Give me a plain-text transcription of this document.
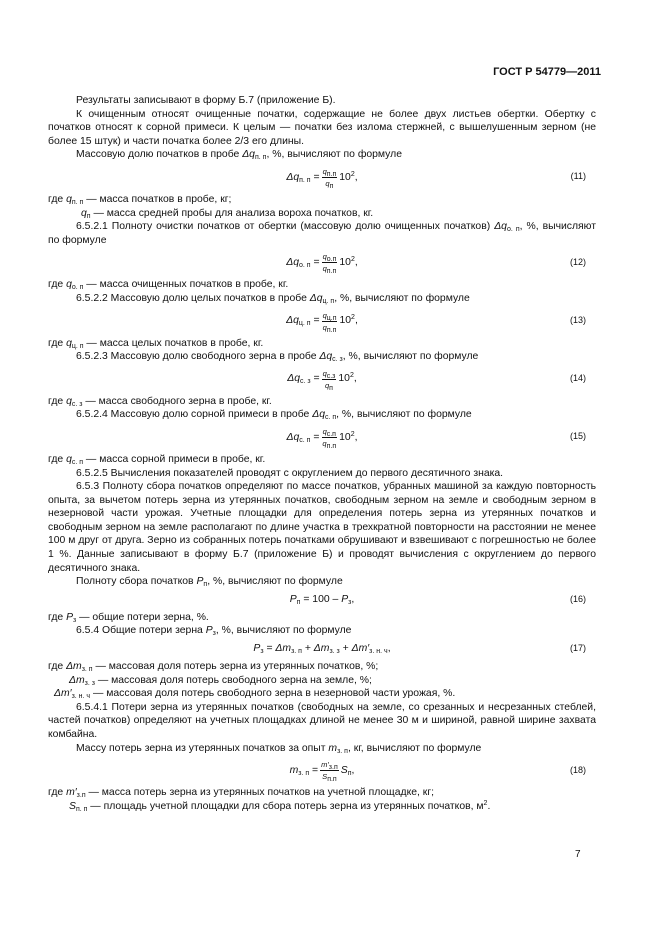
ГОСТ Р 54779—2011

Результаты записывают в форму Б.7 (приложение Б).

К очищенным относят очищенные початки, содержащие не более двух листьев обертки. Обертку с початков относят к сорной примеси. К целым — початки без излома стержней, с вышелушенным зерном (не более 15 штук) и части початка более 2/3 его длины.

Массовую долю початков в пробе $\Delta q_{п. п}$, %, вычисляют по формуле

$\Delta q_{п. п} = \frac{q_{п.п}}{q_п} 10^2$,	(11)

где $q_{п. п}$ — масса початков в пробе, кг;

$q_п$ — масса средней пробы для анализа вороха початков, кг.

6.5.2.1 Полноту очистки початков от обертки (массовую долю очищенных початков) $\Delta q_{о. п}$, %, вычисляют по формуле

$\Delta q_{о. п} = \frac{q_{о.п}}{q_{п.п}} 10^2$,	(12)

где $q_{о. п}$ — масса очищенных початков в пробе, кг.

6.5.2.2 Массовую долю целых початков в пробе $\Delta q_{ц. п}$, %, вычисляют по формуле

$\Delta q_{ц. п} = \frac{q_{ц.п}}{q_{п.п}} 10^2$,	(13)

где $q_{ц. п}$ — масса целых початков в пробе, кг.

6.5.2.3 Массовую долю свободного зерна в пробе $\Delta q_{с. з}$, %, вычисляют по формуле

$\Delta q_{с. з} = \frac{q_{с.з}}{q_п} 10^2$,	(14)

где $q_{с. з}$ — масса свободного зерна в пробе, кг.

6.5.2.4 Массовую долю сорной примеси в пробе $\Delta q_{с. п}$, %, вычисляют по формуле

$\Delta q_{с. п} = \frac{q_{с.п}}{q_{п.п}} 10^2$,	(15)

где $q_{с. п}$ — масса сорной примеси в пробе, кг.

6.5.2.5 Вычисления показателей проводят с округлением до первого десятичного знака.

6.5.3 Полноту сбора початков определяют по массе початков, убранных машиной за каждую повторность опыта, за вычетом потерь зерна из утерянных початков, свободным зерном на земле и свободным зерном в незерновой части урожая. Учетные площадки для определения потерь зерна из утерянных початков и свободным зерном на земле располагают по длине участка в трехкратной повторности на расстоянии не менее 100 м друг от друга. Зерно из собранных потерь початками обрушивают и взвешивают с погрешностью не более 1 %. Данные записывают в форму Б.7 (приложение Б) и проводят вычисления с округлением до первого десятичного знака.

Полноту сбора початков $P_п$, %, вычисляют по формуле

$P_п = 100 - P_з$,	(16)

где $P_з$ — общие потери зерна, %.

6.5.4 Общие потери зерна $P_з$, %, вычисляют по формуле

$P_з = \Delta m_{з. п} + \Delta m_{з. з} + \Delta m'_{з. н. ч}$,	(17)

где $\Delta m_{з. п}$ — массовая доля потерь зерна из утерянных початков, %;

$\Delta m_{з. з}$ — массовая доля потерь свободного зерна на земле, %;

$\Delta m'_{з. н. ч}$ — массовая доля потерь свободного зерна в незерновой части урожая, %.

6.5.4.1 Потери зерна из утерянных початков (свободных на земле, со срезанных и несрезанных стеблей, частей початков) определяют на учетных площадках длиной не менее 30 м и шириной, равной ширине захвата комбайна.

Массу потерь зерна из утерянных початков за опыт $m_{з. п}$, кг, вычисляют по формуле

$m_{з. п} = \frac{m'_{з.п}}{S_{п.п}} S_п$,	(18)

где $m'_{з.п}$ — масса потерь зерна из утерянных початков на учетной площадке, кг;

$S_{п. п}$ — площадь учетной площадки для сбора потерь зерна из утерянных початков, $м^2$.

7
